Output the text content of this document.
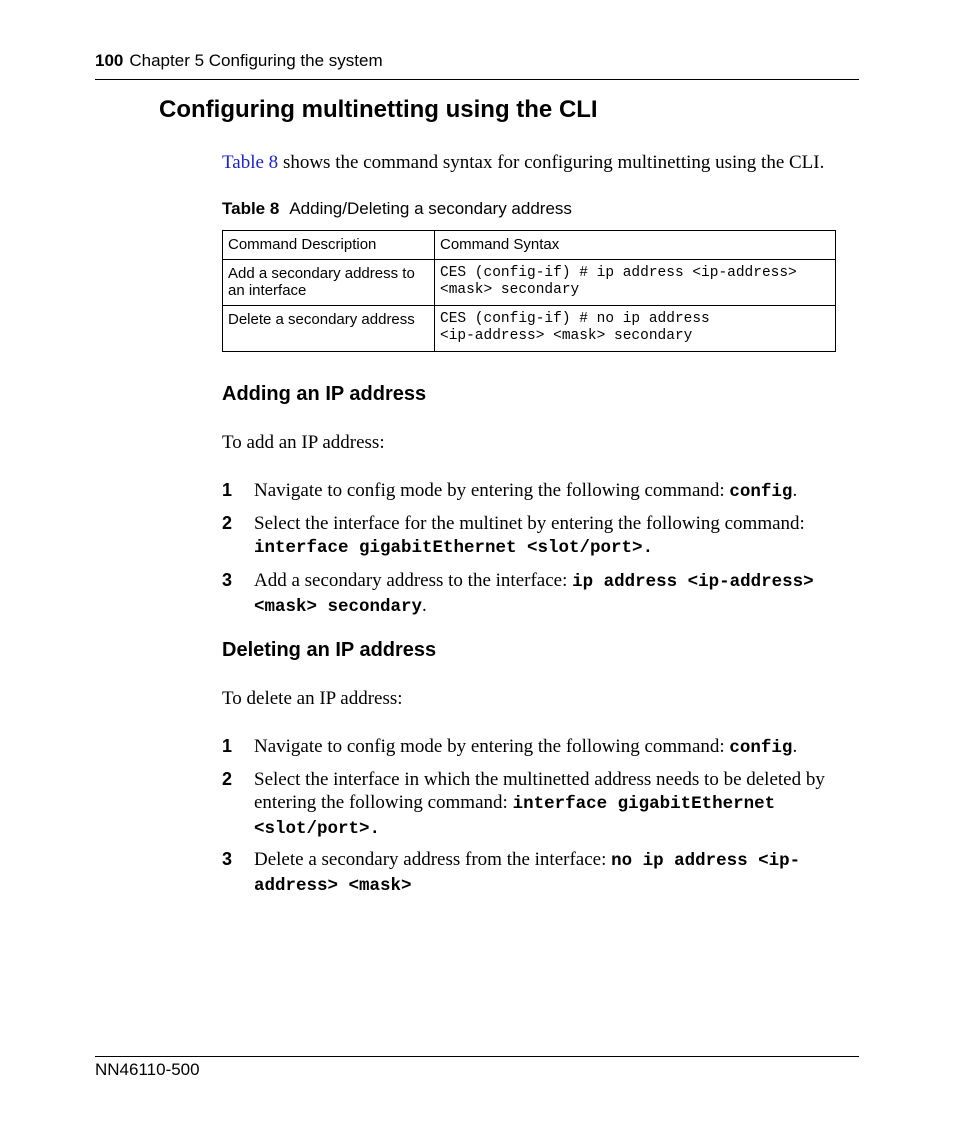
100 Chapter 5 Configuring the system
Configuring multinetting using the CLI
Table 8 shows the command syntax for configuring multinetting using the CLI.
Table 8 Adding/Deleting a secondary address
Command Description	Command Syntax
Add a secondary address to an interface	CES (config-if) # ip address <ip-address>
<mask> secondary

Delete a secondary address	CES (config-if) # no ip address
<ip-address> <mask> secondary
Adding an IP address
To add an IP address:
1 Navigate to config mode by entering the following command: config.
2 Select the interface for the multinet by entering the following command: interface gigabitEthernet <slot/port>.
3 Add a secondary address to the interface: ip address <ip-address> <mask> secondary.
Deleting an IP address
To delete an IP address:
1 Navigate to config mode by entering the following command: config.
2 Select the interface in which the multinetted address needs to be deleted by entering the following command: interface gigabitEthernet <slot/port>.
3 Delete a secondary address from the interface: no ip address <ip-address> <mask>
NN46110-500
